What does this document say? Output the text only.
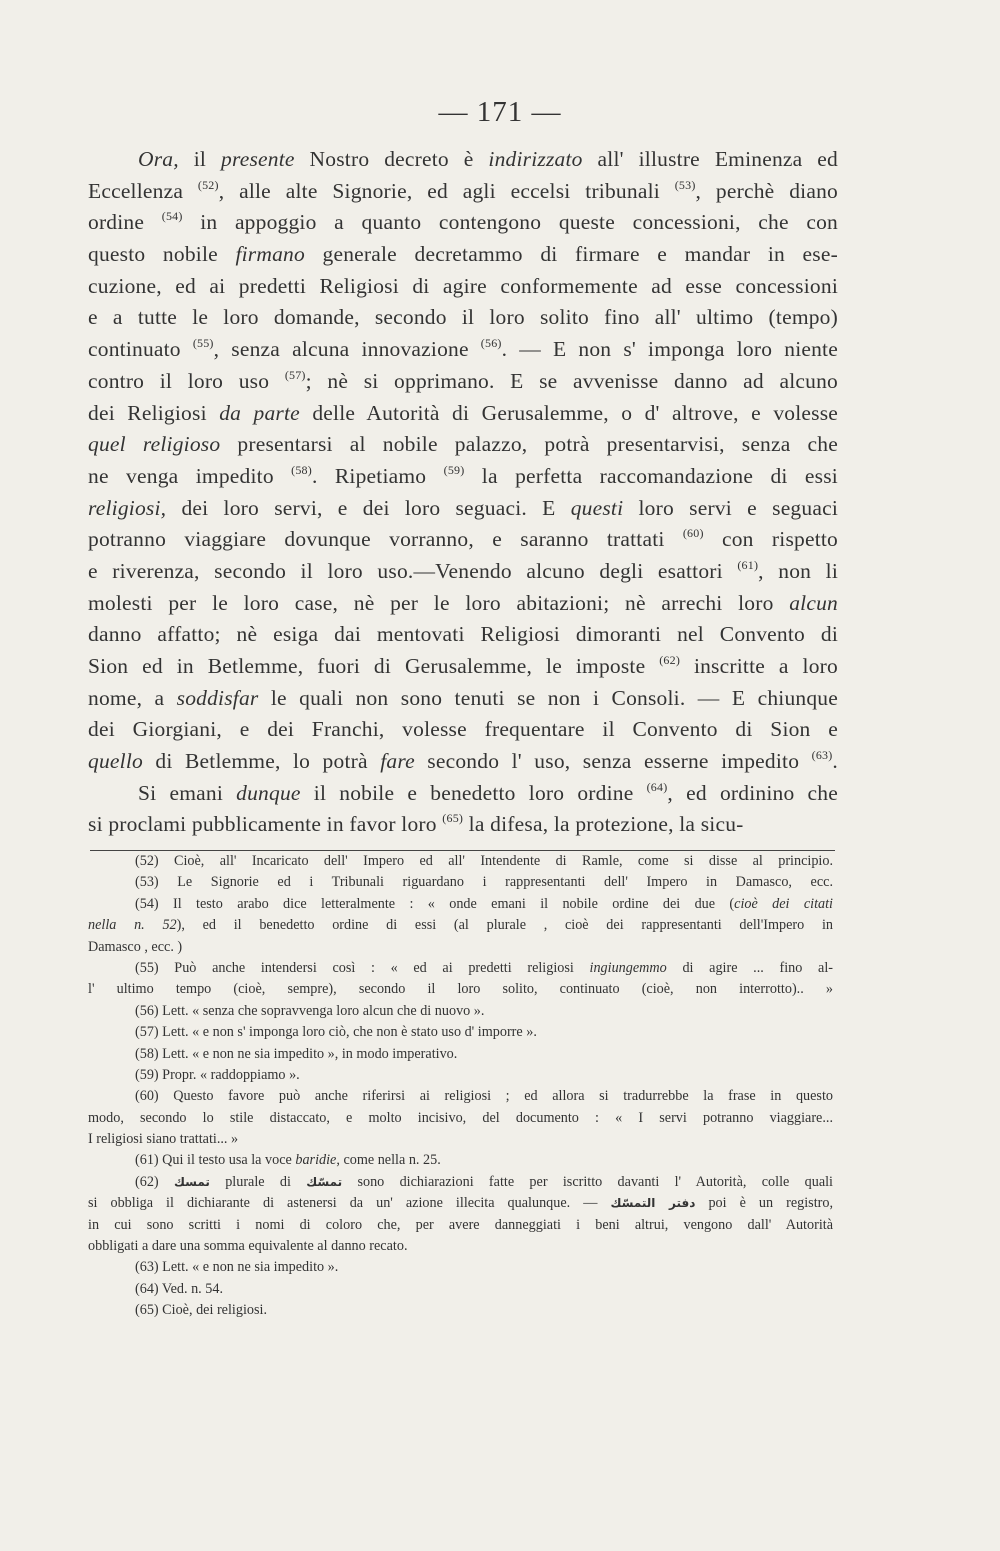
— 171 —
Ora, il presente Nostro decreto è indirizzato all' illustre Eminenza ed
Eccellenza $^{(52)}$, alle alte Signorie, ed agli eccelsi tribunali $^{(53)}$, perchè diano
ordine $^{(54)}$ in appoggio a quanto contengono queste concessioni, che con
questo nobile firmano generale decretammo di firmare e mandar in ese-
cuzione, ed ai predetti Religiosi di agire conformemente ad esse concessioni
e a tutte le loro domande, secondo il loro solito fino all' ultimo (tempo)
continuato $^{(55)}$, senza alcuna innovazione $^{(56)}$. — E non s' imponga loro niente
contro il loro uso $^{(57)}$; nè si opprimano. E se avvenisse danno ad alcuno
dei Religiosi da parte delle Autorità di Gerusalemme, o d' altrove, e volesse
quel religioso presentarsi al nobile palazzo, potrà presentarvisi, senza che
ne venga impedito $^{(58)}$. Ripetiamo $^{(59)}$ la perfetta raccomandazione di essi
religiosi, dei loro servi, e dei loro seguaci. E questi loro servi e seguaci
potranno viaggiare dovunque vorranno, e saranno trattati $^{(60)}$ con rispetto
e riverenza, secondo il loro uso.—Venendo alcuno degli esattori $^{(61)}$, non li
molesti per le loro case, nè per le loro abitazioni; nè arrechi loro alcun
danno affatto; nè esiga dai mentovati Religiosi dimoranti nel Convento di
Sion ed in Betlemme, fuori di Gerusalemme, le imposte $^{(62)}$ inscritte a loro
nome, a soddisfar le quali non sono tenuti se non i Consoli. — E chiunque
dei Giorgiani, e dei Franchi, volesse frequentare il Convento di Sion e
quello di Betlemme, lo potrà fare secondo l' uso, senza esserne impedito $^{(63)}$.
Si emani dunque il nobile e benedetto loro ordine $^{(64)}$, ed ordinino che
si proclami pubblicamente in favor loro $^{(65)}$ la difesa, la protezione, la sicu-
(52) Cioè, all' Incaricato dell' Impero ed all' Intendente di Ramle, come si disse al principio.
(53) Le Signorie ed i Tribunali riguardano i rappresentanti dell' Impero in Damasco, ecc.
(54) Il testo arabo dice letteralmente : « onde emani il nobile ordine dei due (cioè dei citati
nella n. 52), ed il benedetto ordine di essi (al plurale , cioè dei rappresentanti dell'Impero in
Damasco , ecc. )
(55) Può anche intendersi così : « ed ai predetti religiosi ingiungemmo di agire ... fino al-
l' ultimo tempo (cioè, sempre), secondo il loro solito, continuato (cioè, non interrotto).. »
(56) Lett. « senza che sopravvenga loro alcun che di nuovo ».
(57) Lett. « e non s' imponga loro ciò, che non è stato uso d' imporre ».
(58) Lett. « e non ne sia impedito », in modo imperativo.
(59) Propr. « raddoppiamo ».
(60) Questo favore può anche riferirsi ai religiosi ; ed allora si tradurrebbe la frase in questo
modo, secondo lo stile distaccato, e molto incisivo, del documento : « I servi potranno viaggiare...
I religiosi siano trattati... »
(61) Qui il testo usa la voce baridie, come nella n. 25.
(62) تمسك plurale di تمسّك sono dichiarazioni fatte per iscritto davanti l' Autorità, colle quali
si obbliga il dichiarante di astenersi da un' azione illecita qualunque. — دفتر التمسّك poi è un registro,
in cui sono scritti i nomi di coloro che, per avere danneggiati i beni altrui, vengono dall' Autorità
obbligati a dare una somma equivalente al danno recato.
(63) Lett. « e non ne sia impedito ».
(64) Ved. n. 54.
(65) Cioè, dei religiosi.
